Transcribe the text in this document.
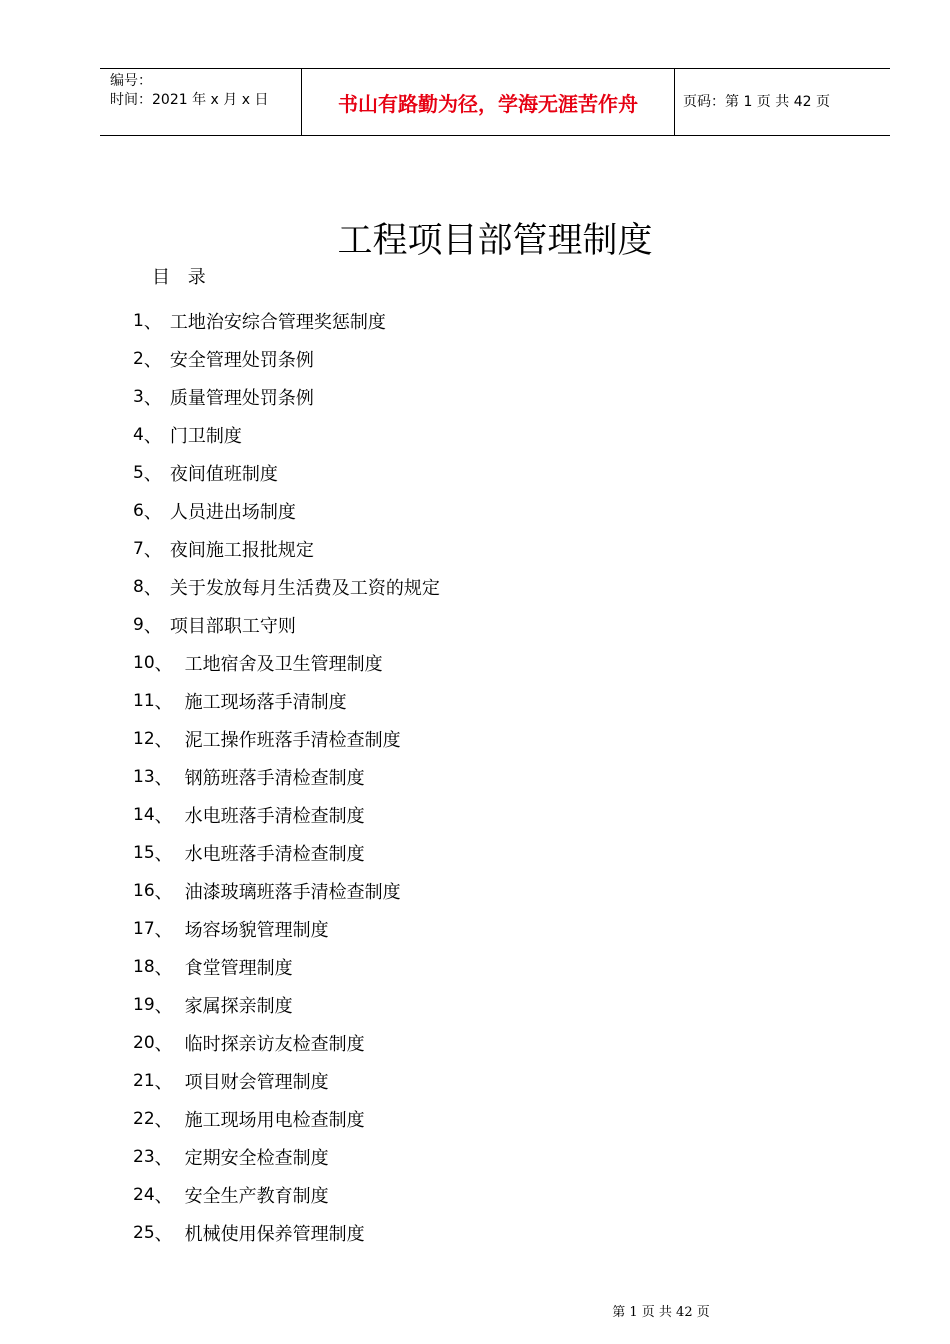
编号：
时间：2021 年 x 月 x 日	书山有路勤为径，学海无涯苦作舟	页码：第 1 页 共 42 页
工程项目部管理制度
目 录
1 、 工地治安综合管理奖惩制度
2 、 安全管理处罚条例
3 、 质量管理处罚条例
4 、 门卫制度
5 、 夜间值班制度
6 、 人员进出场制度
7 、 夜间施工报批规定
8 、 关于发放每月生活费及工资的规定
9 、 项目部职工守则
10 、 工地宿舍及卫生管理制度
11 、 施工现场落手清制度
12 、 泥工操作班落手清检查制度
13 、 钢筋班落手清检查制度
14 、 水电班落手清检查制度
15 、 水电班落手清检查制度
16 、 油漆玻璃班落手清检查制度
17 、 场容场貌管理制度
18 、 食堂管理制度
19 、 家属探亲制度
20 、 临时探亲访友检查制度
21 、 项目财会管理制度
22 、 施工现场用电检查制度
23 、 定期安全检查制度
24 、 安全生产教育制度
25 、 机械使用保养管理制度
第 1 页 共 42 页
